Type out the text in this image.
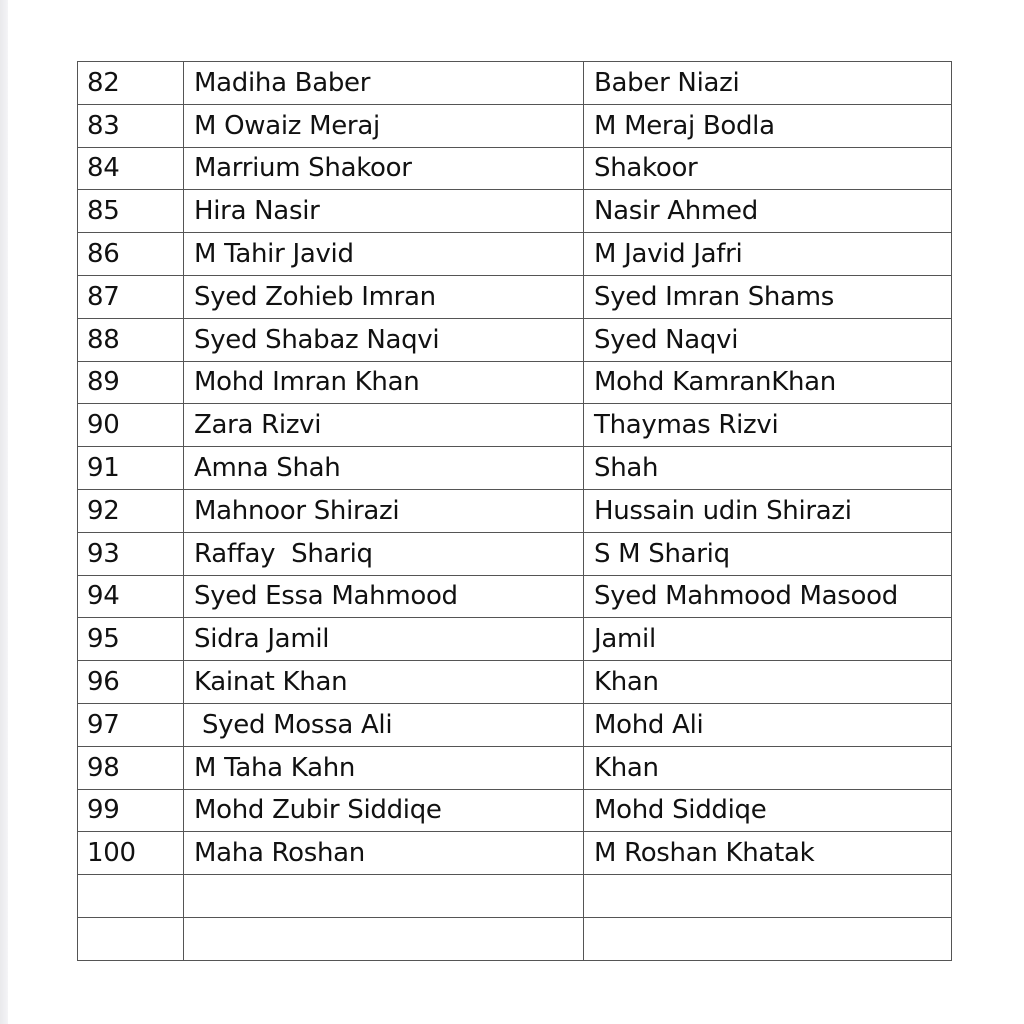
82	Madiha Baber	Baber Niazi
83	M Owaiz Meraj	M Meraj Bodla
84	Marrium Shakoor	Shakoor
85	Hira Nasir	Nasir Ahmed
86	M Tahir Javid	M Javid Jafri
87	Syed Zohieb Imran	Syed Imran Shams
88	Syed Shabaz Naqvi	Syed Naqvi
89	Mohd Imran Khan	Mohd KamranKhan
90	Zara Rizvi	Thaymas Rizvi
91	Amna Shah	Shah
92	Mahnoor Shirazi	Hussain udin Shirazi
93	Raffay  Shariq	S M Shariq
94	Syed Essa Mahmood	Syed Mahmood Masood
95	Sidra Jamil	Jamil
96	Kainat Khan	Khan
97	Syed Mossa Ali	Mohd Ali
98	M Taha Kahn	Khan
99	Mohd Zubir Siddiqe	Mohd Siddiqe
100	Maha Roshan	M Roshan Khatak
